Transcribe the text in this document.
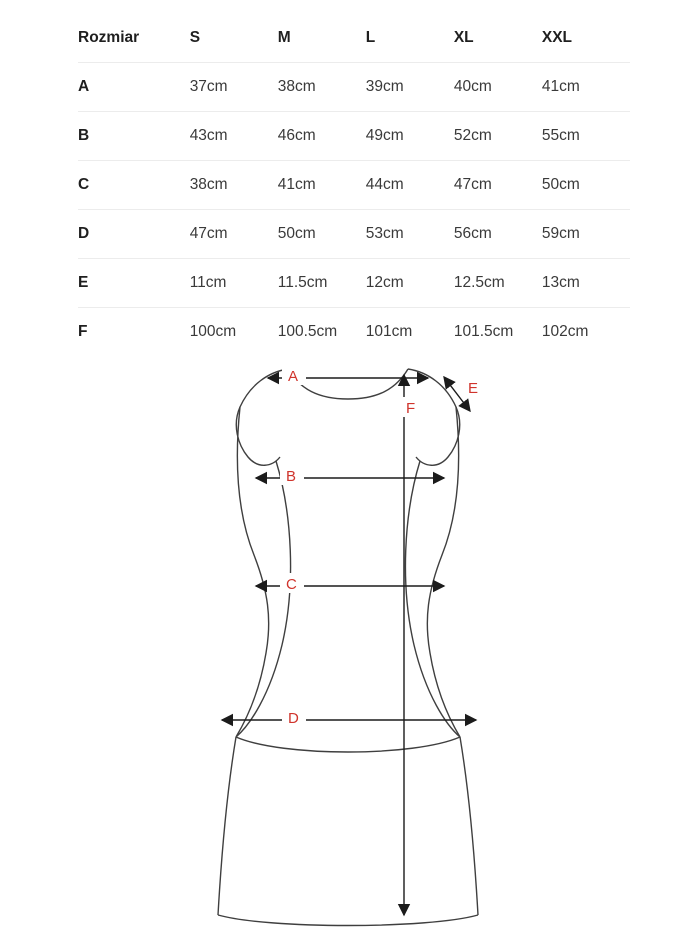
Rozmiar	S	M	L	XL	XXL
A	37cm	38cm	39cm	40cm	41cm
B	43cm	46cm	49cm	52cm	55cm
C	38cm	41cm	44cm	47cm	50cm
D	47cm	50cm	53cm	56cm	59cm
E	11cm	11.5cm	12cm	12.5cm	13cm
F	100cm	100.5cm	101cm	101.5cm	102cm
A
B
C
D
E
F
